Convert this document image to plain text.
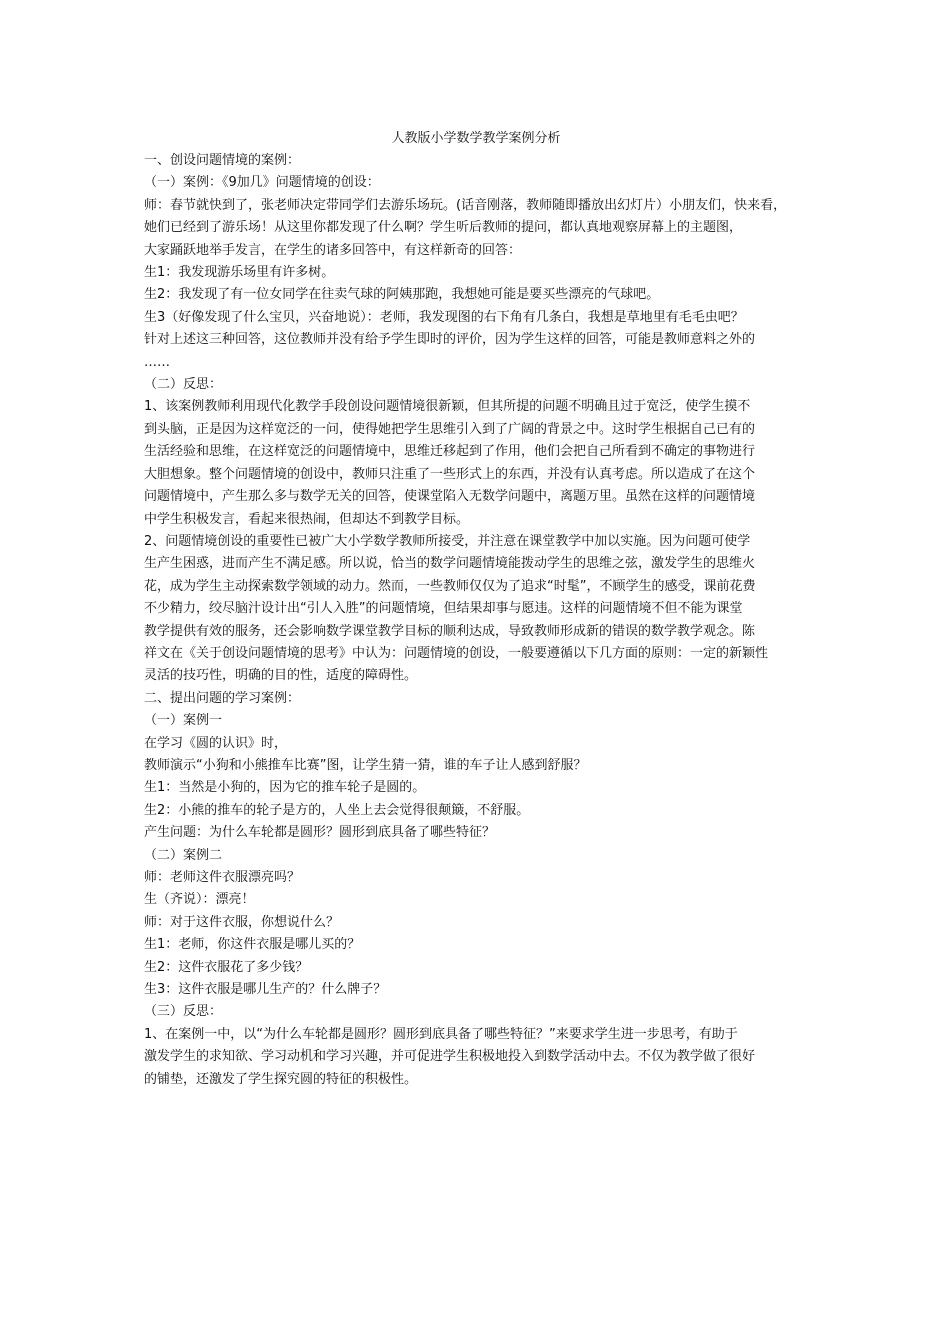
人教版小学数学教学案例分析

一、创设问题情境的案例：

（一）案例：《9加几》问题情境的创设：

师：春节就快到了，张老师决定带同学们去游乐场玩。(话音刚落，教师随即播放出幻灯片）小朋友们，快来看，

她们已经到了游乐场！从这里你都发现了什么啊？学生听后教师的提问，都认真地观察屏幕上的主题图，

大家踊跃地举手发言，在学生的诸多回答中，有这样新奇的回答：

生1：我发现游乐场里有许多树。

生2：我发现了有一位女同学在往卖气球的阿姨那跑，我想她可能是要买些漂亮的气球吧。

生3（好像发现了什么宝贝，兴奋地说）：老师，我发现图的右下角有几条白，我想是草地里有毛毛虫吧？

针对上述这三种回答，这位教师并没有给予学生即时的评价，因为学生这样的回答，可能是教师意料之外的

……

（二）反思：

1、该案例教师利用现代化教学手段创设问题情境很新颖，但其所提的问题不明确且过于宽泛，使学生摸不

到头脑，正是因为这样宽泛的一问，使得她把学生思维引入到了广阔的背景之中。这时学生根据自己已有的

生活经验和思维，在这样宽泛的问题情境中，思维迁移起到了作用，他们会把自己所看到不确定的事物进行

大胆想象。整个问题情境的创设中，教师只注重了一些形式上的东西，并没有认真考虑。所以造成了在这个

问题情境中，产生那么多与数学无关的回答，使课堂陷入无数学问题中，离题万里。虽然在这样的问题情境

中学生积极发言，看起来很热闹，但却达不到教学目标。

2、问题情境创设的重要性已被广大小学数学教师所接受，并注意在课堂教学中加以实施。因为问题可使学

生产生困惑，进而产生不满足感。所以说，恰当的数学问题情境能拨动学生的思维之弦，激发学生的思维火

花，成为学生主动探索数学领域的动力。然而，一些教师仅仅为了追求“时髦”，不顾学生的感受，课前花费

不少精力，绞尽脑汁设计出“引人入胜”的问题情境，但结果却事与愿违。这样的问题情境不但不能为课堂

教学提供有效的服务，还会影响数学课堂教学目标的顺利达成，导致教师形成新的错误的数学教学观念。陈

祥文在《关于创设问题情境的思考》中认为：问题情境的创设，一般要遵循以下几方面的原则：一定的新颖性

灵活的技巧性，明确的目的性，适度的障碍性。

二、提出问题的学习案例：

（一）案例一

在学习《圆的认识》时，

教师演示“小狗和小熊推车比赛”图，让学生猜一猜，谁的车子让人感到舒服？

生1：当然是小狗的，因为它的推车轮子是圆的。

生2：小熊的推车的轮子是方的，人坐上去会觉得很颠簸，不舒服。

产生问题：为什么车轮都是圆形？圆形到底具备了哪些特征？

（二）案例二

师：老师这件衣服漂亮吗？

生（齐说）：漂亮！

师：对于这件衣服，你想说什么？

生1：老师，你这件衣服是哪儿买的？

生2：这件衣服花了多少钱？

生3：这件衣服是哪儿生产的？什么牌子？

（三）反思：

1、在案例一中，以“为什么车轮都是圆形？圆形到底具备了哪些特征？”来要求学生进一步思考，有助于

激发学生的求知欲、学习动机和学习兴趣，并可促进学生积极地投入到数学活动中去。不仅为教学做了很好

的铺垫，还激发了学生探究圆的特征的积极性。
